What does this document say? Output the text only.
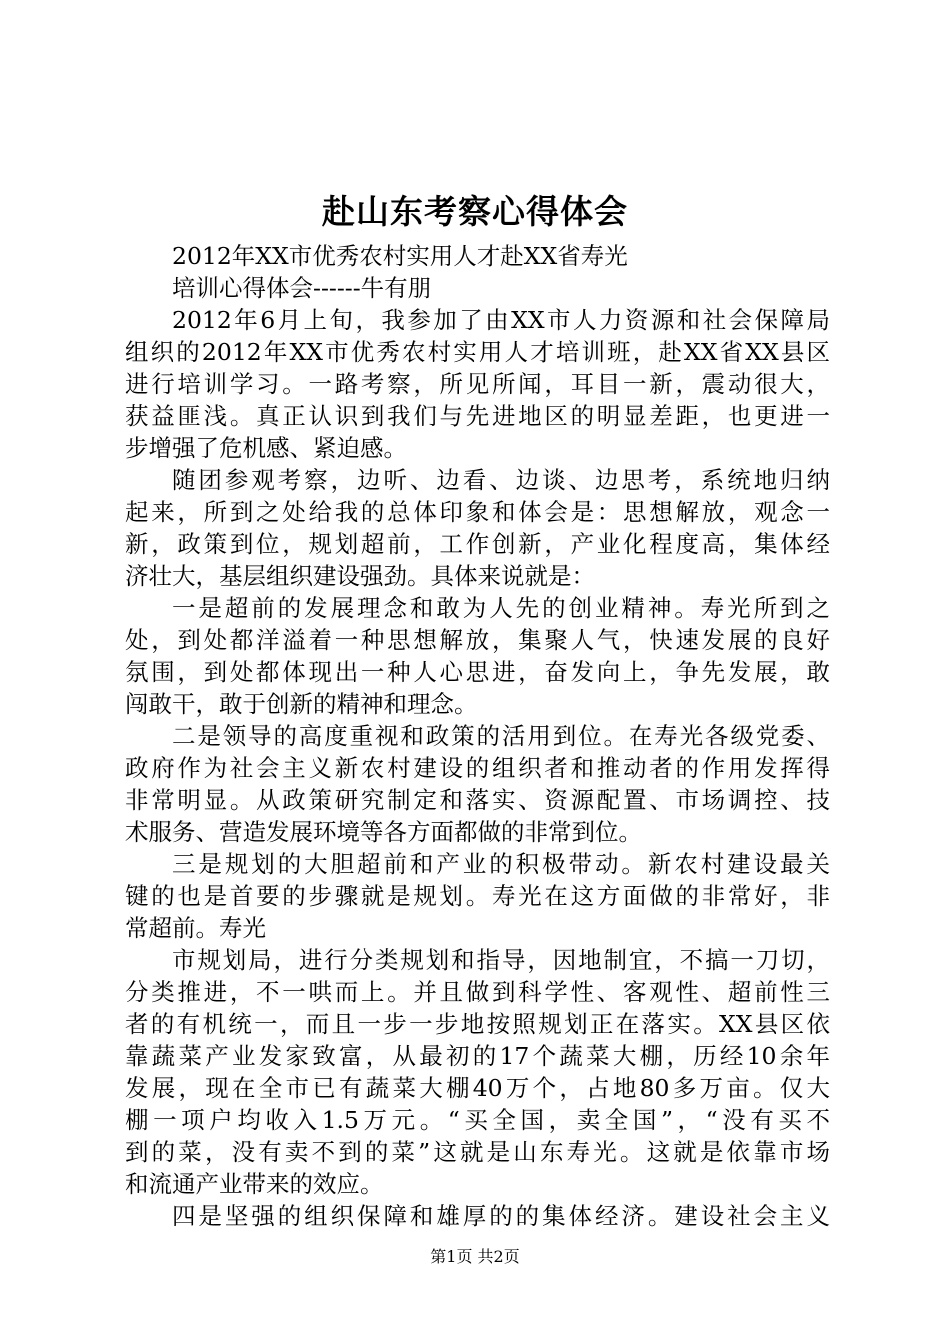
赴山东考察心得体会
2012年XX市优秀农村实用人才赴XX省寿光
培训心得体会------牛有朋
2012年6月上旬，我参加了由XX市人力资源和社会保障局
组织的2012年XX市优秀农村实用人才培训班，赴XX省XX县区
进行培训学习。一路考察，所见所闻，耳目一新，震动很大，
获益匪浅。真正认识到我们与先进地区的明显差距，也更进一
步增强了危机感、紧迫感。
随团参观考察，边听、边看、边谈、边思考，系统地归纳
起来，所到之处给我的总体印象和体会是：思想解放，观念一
新，政策到位，规划超前，工作创新，产业化程度高，集体经
济壮大，基层组织建设强劲。具体来说就是：
一是超前的发展理念和敢为人先的创业精神。寿光所到之
处，到处都洋溢着一种思想解放，集聚人气，快速发展的良好
氛围，到处都体现出一种人心思进，奋发向上，争先发展，敢
闯敢干，敢于创新的精神和理念。
二是领导的高度重视和政策的活用到位。在寿光各级党委、
政府作为社会主义新农村建设的组织者和推动者的作用发挥得
非常明显。从政策研究制定和落实、资源配置、市场调控、技
术服务、营造发展环境等各方面都做的非常到位。
三是规划的大胆超前和产业的积极带动。新农村建设最关
键的也是首要的步骤就是规划。寿光在这方面做的非常好，非
常超前。寿光
市规划局，进行分类规划和指导，因地制宜，不搞一刀切，
分类推进，不一哄而上。并且做到科学性、客观性、超前性三
者的有机统一，而且一步一步地按照规划正在落实。XX县区依
靠蔬菜产业发家致富，从最初的17个蔬菜大棚，历经10余年
发展，现在全市已有蔬菜大棚40万个，占地80多万亩。仅大
棚一项户均收入1.5万元。“买全国，卖全国”，“没有买不
到的菜，没有卖不到的菜”这就是山东寿光。这就是依靠市场
和流通产业带来的效应。
四是坚强的组织保障和雄厚的的集体经济。建设社会主义
第1页 共2页
